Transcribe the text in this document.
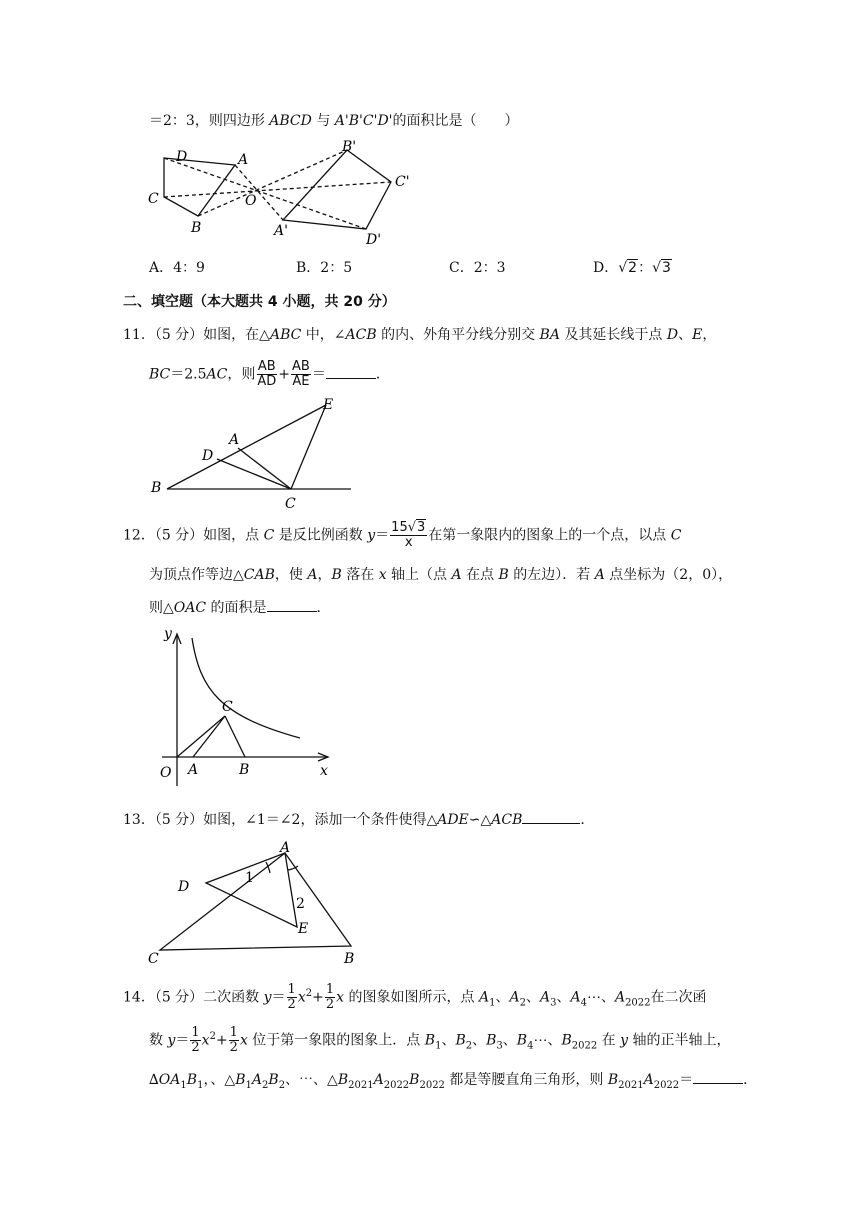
＝2：3，则四边形 ABCD 与 A'B'C'D'的面积比是（　　）
D	A
C
B
O
B'
C'
A'
D'
A．4：9	B．2：5	C．2：3	D．√2：√3
二、填空题（本大题共 4 小题，共 20 分）
11．（5 分）如图，在△ABC 中，∠ACB 的内、外角平分线分别交 BA 及其延长线于点 D、E，
BC＝2.5AC，则 $\frac{AB}{AD} + \frac{AB}{AE}$ ＝	．
E
A
D
B
C
12．（5 分）如图，点 C 是反比例函数 $y= \frac{15√3}{x}$ 在第一象限内的图象上的一个点，以点 C
为顶点作等边△CAB，使 A，B 落在 x 轴上（点 A 在点 B 的左边）．若 A 点坐标为（2，0），
则△OAC 的面积是	．
y
x
O A	B
C
13．（5 分）如图，∠1＝∠2，添加一个条件使得△ADE∽△ACB	．
A
D
C	B
E
1
2
14．（5 分）二次函数 $y= \frac{1}{2} x^2+ \frac{1}{2}$ x 的图象如图所示，点 $A_1$、$A_2$、$A_3$、$A_4\cdots$、$A_{2022}$在二次函
数 $y= \frac{1}{2} x^2+ \frac{1}{2}$ x 位于第一象限的图象上．点 $B_1$、$B_2$、$B_3$、$B_4\cdots$、$B_{2022}$ 在 y 轴的正半轴上，
$\Delta OA_1B_1$，、$\triangle B_1A_2B_2$、⋯、$\triangle B_{2021}A_{2022}B_{2022}$ 都是等腰直角三角形，则 $B_{2021}A_{2022}=$	．
